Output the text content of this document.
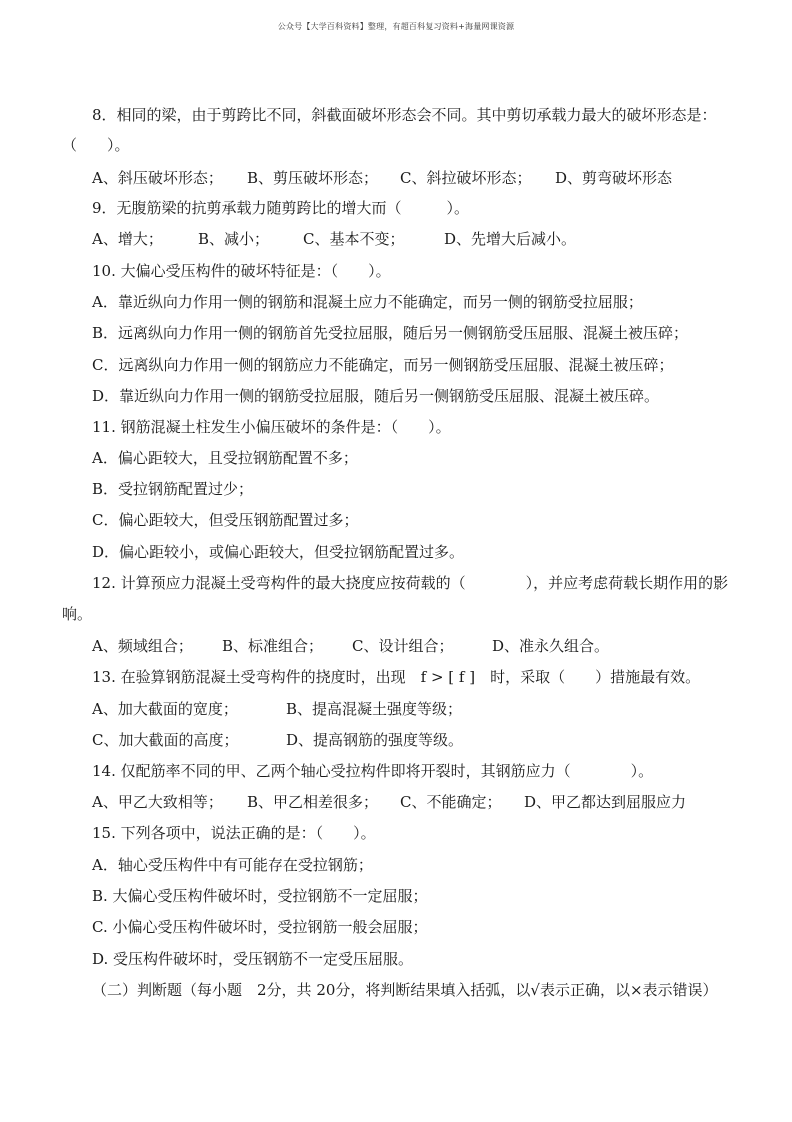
公众号【大学百科资料】整理，有超百科复习资料+海量网课资源
8．相同的梁，由于剪跨比不同，斜截面破坏形态会不同。其中剪切承载力最大的破坏形态是：
（　　）。
A、斜压破坏形态； B、剪压破坏形态； C、斜拉破坏形态； D、剪弯破坏形态
9．无腹筋梁的抗剪承载力随剪跨比的增大而（　　　）。
A、增大； B、减小； C、基本不变；	D、先增大后减小。
10. 大偏心受压构件的破坏特征是：（　　）。
A．靠近纵向力作用一侧的钢筋和混凝土应力不能确定，而另一侧的钢筋受拉屈服；
B．远离纵向力作用一侧的钢筋首先受拉屈服，随后另一侧钢筋受压屈服、混凝土被压碎；
C．远离纵向力作用一侧的钢筋应力不能确定，而另一侧钢筋受压屈服、混凝土被压碎；
D．靠近纵向力作用一侧的钢筋受拉屈服，随后另一侧钢筋受压屈服、混凝土被压碎。
11. 钢筋混凝土柱发生小偏压破坏的条件是：（　　）。
A．偏心距较大，且受拉钢筋配置不多；
B．受拉钢筋配置过少；
C．偏心距较大，但受压钢筋配置过多；
D．偏心距较小，或偏心距较大，但受拉钢筋配置过多。
12. 计算预应力混凝土受弯构件的最大挠度应按荷载的（　　　　），并应考虑荷载长期作用的影
响。
A、频域组合； B、标准组合； C、设计组合；	D、准永久组合。
13. 在验算钢筋混凝土受弯构件的挠度时，出现　f > [ f ]　时，采取（　　）措施最有效。
A、加大截面的宽度；	B、提高混凝土强度等级；
C、加大截面的高度；	D、提高钢筋的强度等级。
14. 仅配筋率不同的甲、乙两个轴心受拉构件即将开裂时，其钢筋应力（　　　　）。
A、甲乙大致相等； B、甲乙相差很多； C、不能确定； D、甲乙都达到屈服应力
15. 下列各项中，说法正确的是：（　　）。
A．轴心受压构件中有可能存在受拉钢筋；
B. 大偏心受压构件破坏时，受拉钢筋不一定屈服；
C. 小偏心受压构件破坏时，受拉钢筋一般会屈服；
D. 受压构件破坏时，受压钢筋不一定受压屈服。
（二）判断题（每小题　2分，共 20分，将判断结果填入括弧，以√表示正确，以×表示错误）
